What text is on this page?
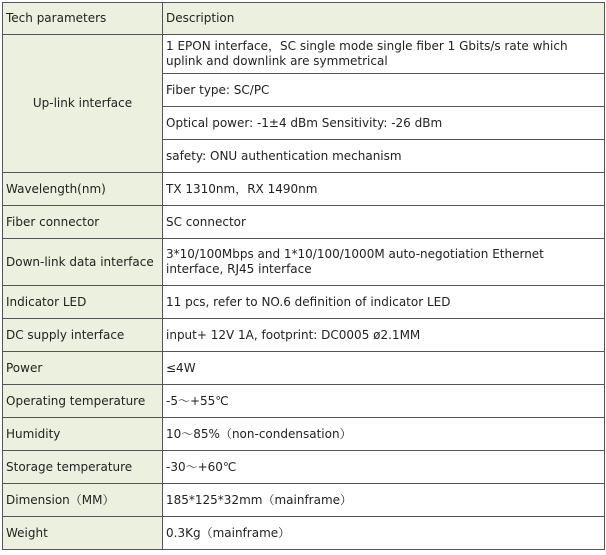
Tech parameters	Description
Up-link interface	1 EPON interface，SC single mode single fiber 1 Gbits/s rate which uplink and downlink are symmetrical
	Fiber type: SC/PC
	Optical power: -1±4 dBm Sensitivity: -26 dBm
	safety: ONU authentication mechanism
Wavelength(nm)	TX 1310nm，RX 1490nm
Fiber connector	SC connector
Down-link data interface	3*10/100Mbps and 1*10/100/1000M auto-negotiation Ethernet interface, RJ45 interface
Indicator LED	11 pcs, refer to NO.6 definition of indicator LED
DC supply interface	input+ 12V 1A, footprint: DC0005 ø2.1MM
Power	≤4W
Operating temperature	-5～+55℃
Humidity	10～85%（non-condensation）
Storage temperature	-30～+60℃
Dimension（MM）	185*125*32mm（mainframe）
Weight	0.3Kg（mainframe）
